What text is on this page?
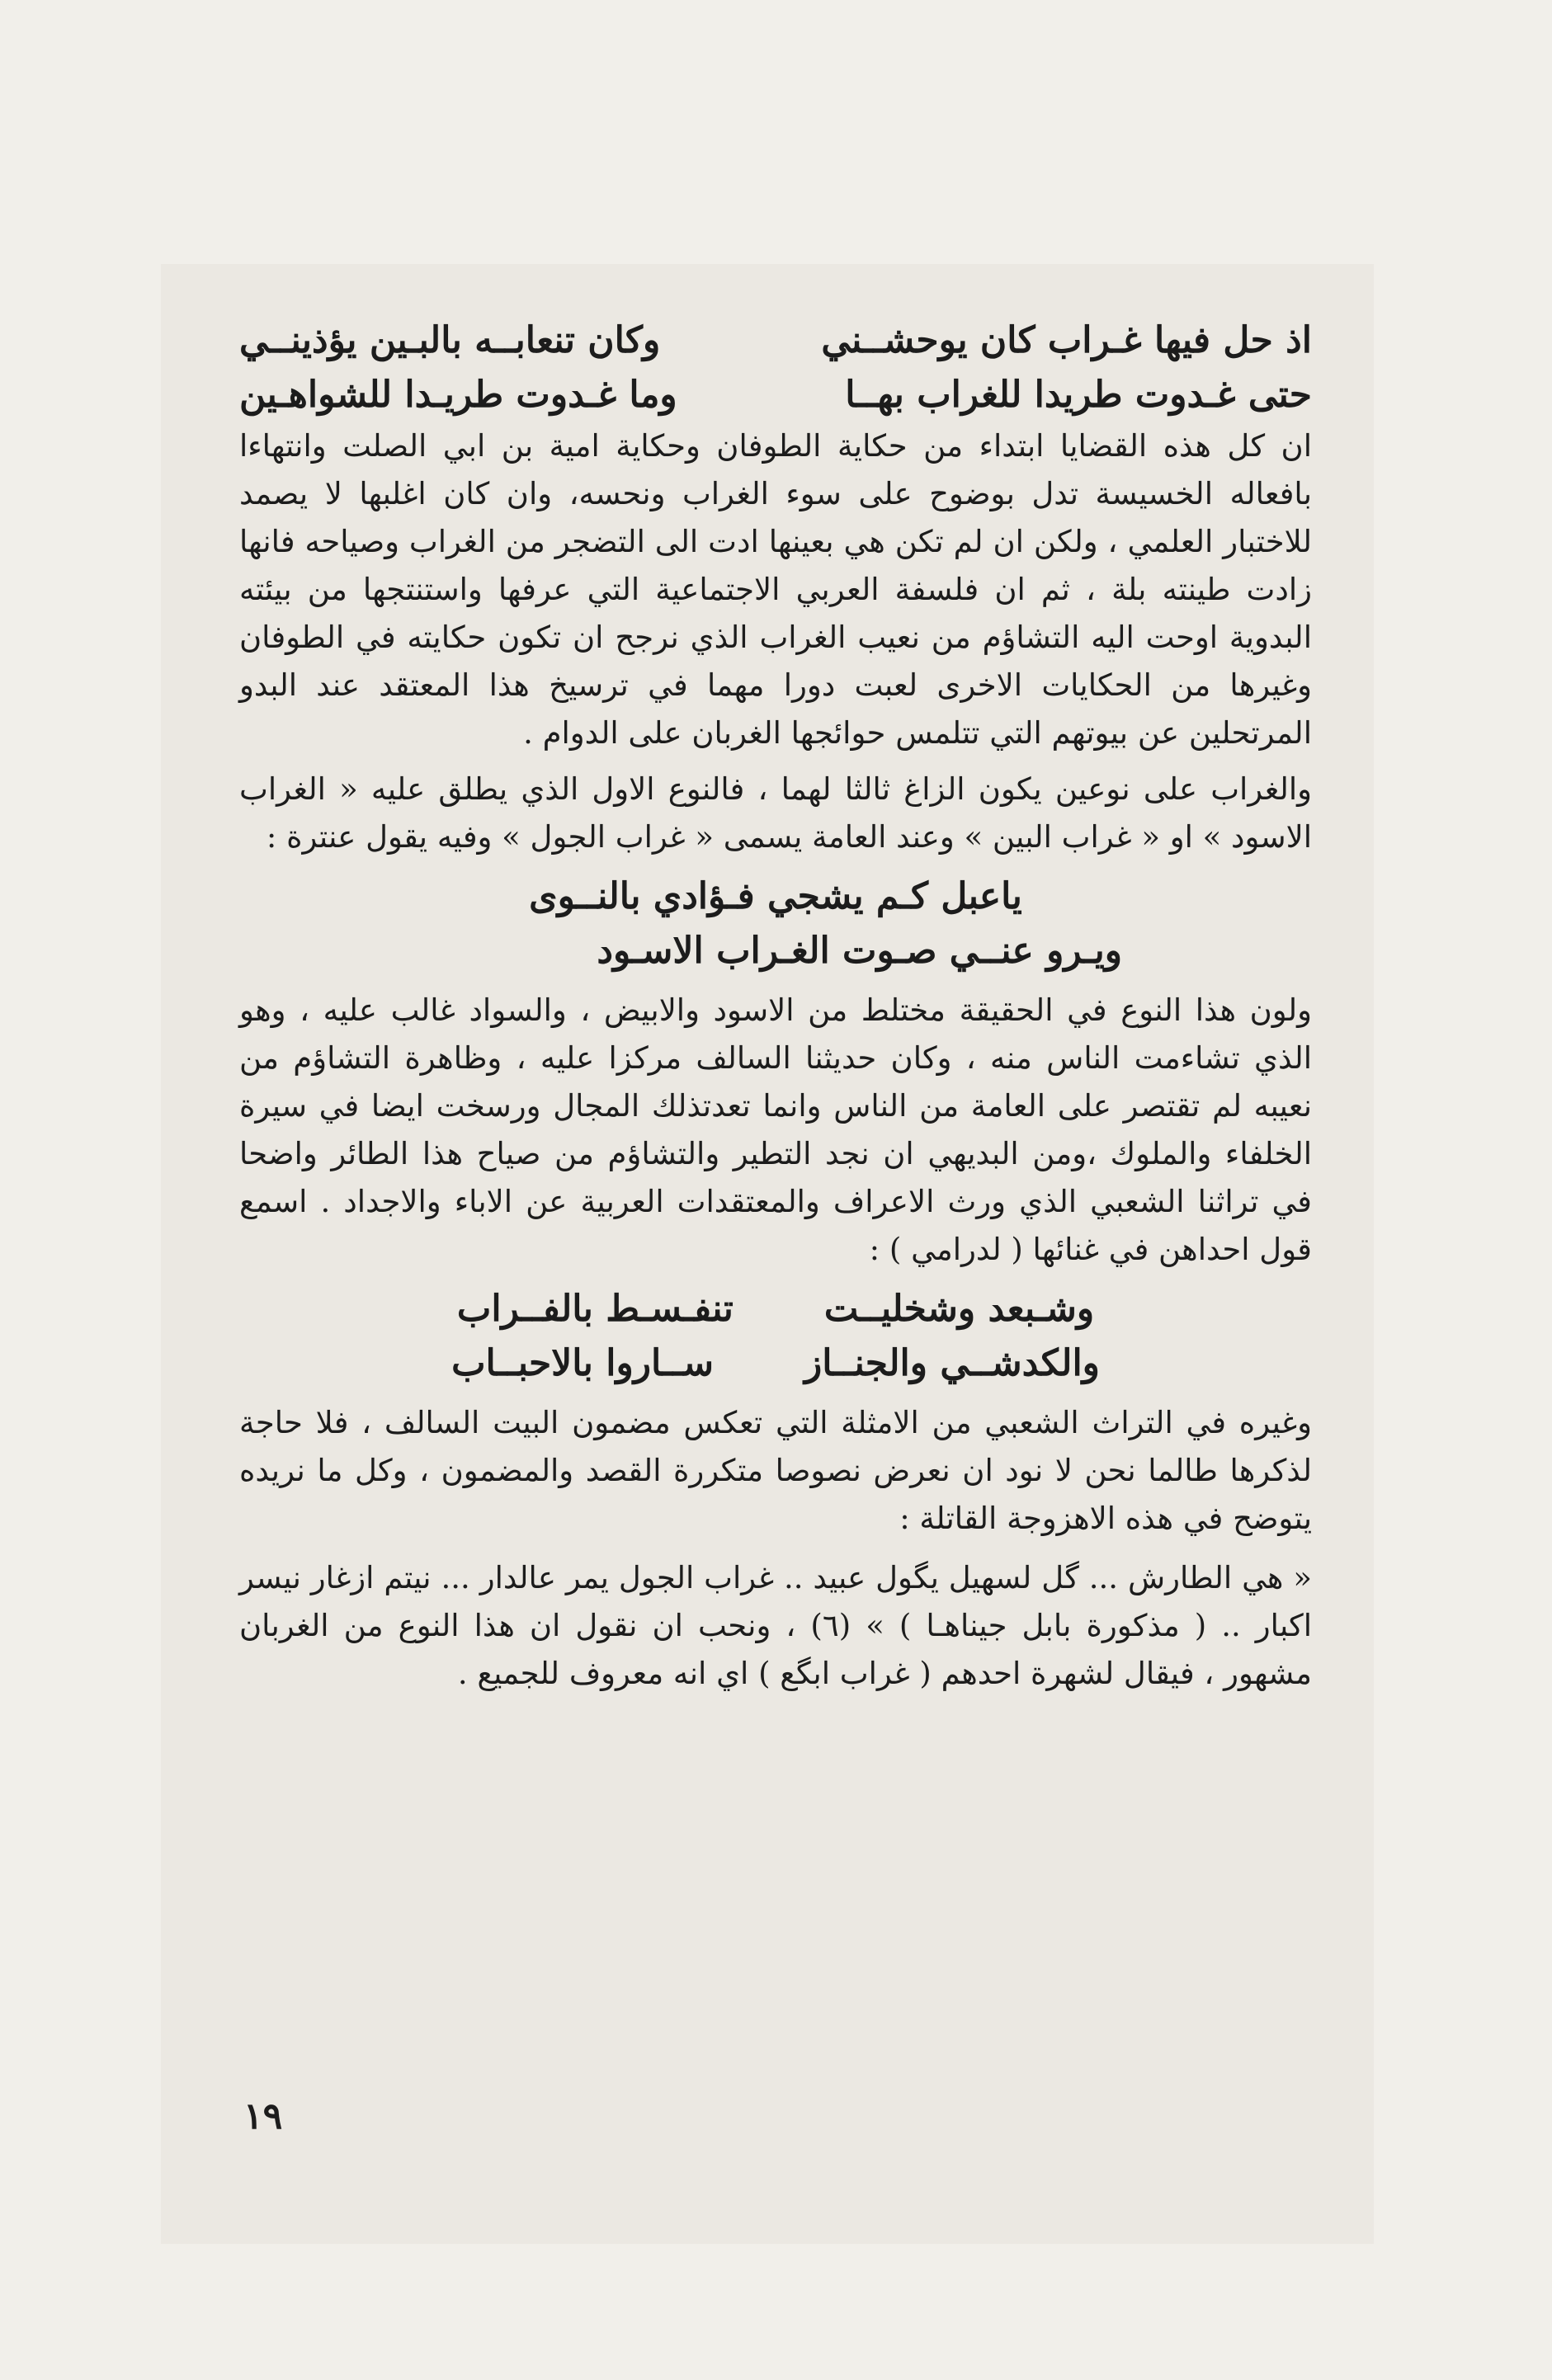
اذ حل فيها غـراب كان يوحشــني
وكان تنعابــه بالبـين يؤذينــي
حتى غـدوت طريدا للغراب بهــا
وما غـدوت طريـدا للشواهـين

ان كل هذه القضايا ابتداء من حكاية الطوفان وحكاية امية بن ابي الصلت وانتهاءا بافعاله الخسيسة تدل بوضوح على سوء الغراب ونحسه، وان كان اغلبها لا يصمد للاختبار العلمي ، ولكن ان لم تكن هي بعينها ادت الى التضجر من الغراب وصياحه فانها زادت طينته بلة ، ثم ان فلسفة العربي الاجتماعية التي عرفها واستنتجها من بيئته البدوية اوحت اليه التشاؤم من نعيب الغراب الذي نرجح ان تكون حكايته في الطوفان وغيرها من الحكايات الاخرى لعبت دورا مهما في ترسيخ هذا المعتقد عند البدو المرتحلين عن بيوتهم التي تتلمس حوائجها الغربان على الدوام .

والغراب على نوعين يكون الزاغ ثالثا لهما ، فالنوع الاول الذي يطلق عليه « الغراب الاسود » او « غراب البين » وعند العامة يسمى « غراب الجول » وفيه يقول عنترة :

ياعبل كـم يشجي فـؤادي بالنــوى
ويـرو عنــي صـوت الغـراب الاسـود

ولون هذا النوع في الحقيقة مختلط من الاسود والابيض ، والسواد غالب عليه ، وهو الذي تشاءمت الناس منه ، وكان حديثنا السالف مركزا عليه ، وظاهرة التشاؤم من نعيبه لم تقتصر على العامة من الناس وانما تعدتذلك المجال ورسخت ايضا في سيرة الخلفاء والملوك ،ومن البديهي ان نجد التطير والتشاؤم من صياح هذا الطائر واضحا في تراثنا الشعبي الذي ورث الاعراف والمعتقدات العربية عن الاباء والاجداد . اسمع قول احداهن في غنائها ( لدرامي ) :

وشـبعد وشخليــت
تنفـسـط بالفــراب
والكدشــي والجنــاز
ســاروا بالاحبــاب

وغيره في التراث الشعبي من الامثلة التي تعكس مضمون البيت السالف ، فلا حاجة لذكرها طالما نحن لا نود ان نعرض نصوصا متكررة القصد والمضمون ، وكل ما نريده يتوضح في هذه الاهزوجة القاتلة :

« هي الطارش ... گل لسهيل يگول عبيد .. غراب الجول يمر عالدار ... نيتم ازغار نيسر اكبار .. ( مذكورة بابل جيناهـا ) » (٦) ، ونحب ان نقول ان هذا النوع من الغربان مشهور ، فيقال لشهرة احدهم ( غراب ابگع ) اي انه معروف للجميع .

١٩
